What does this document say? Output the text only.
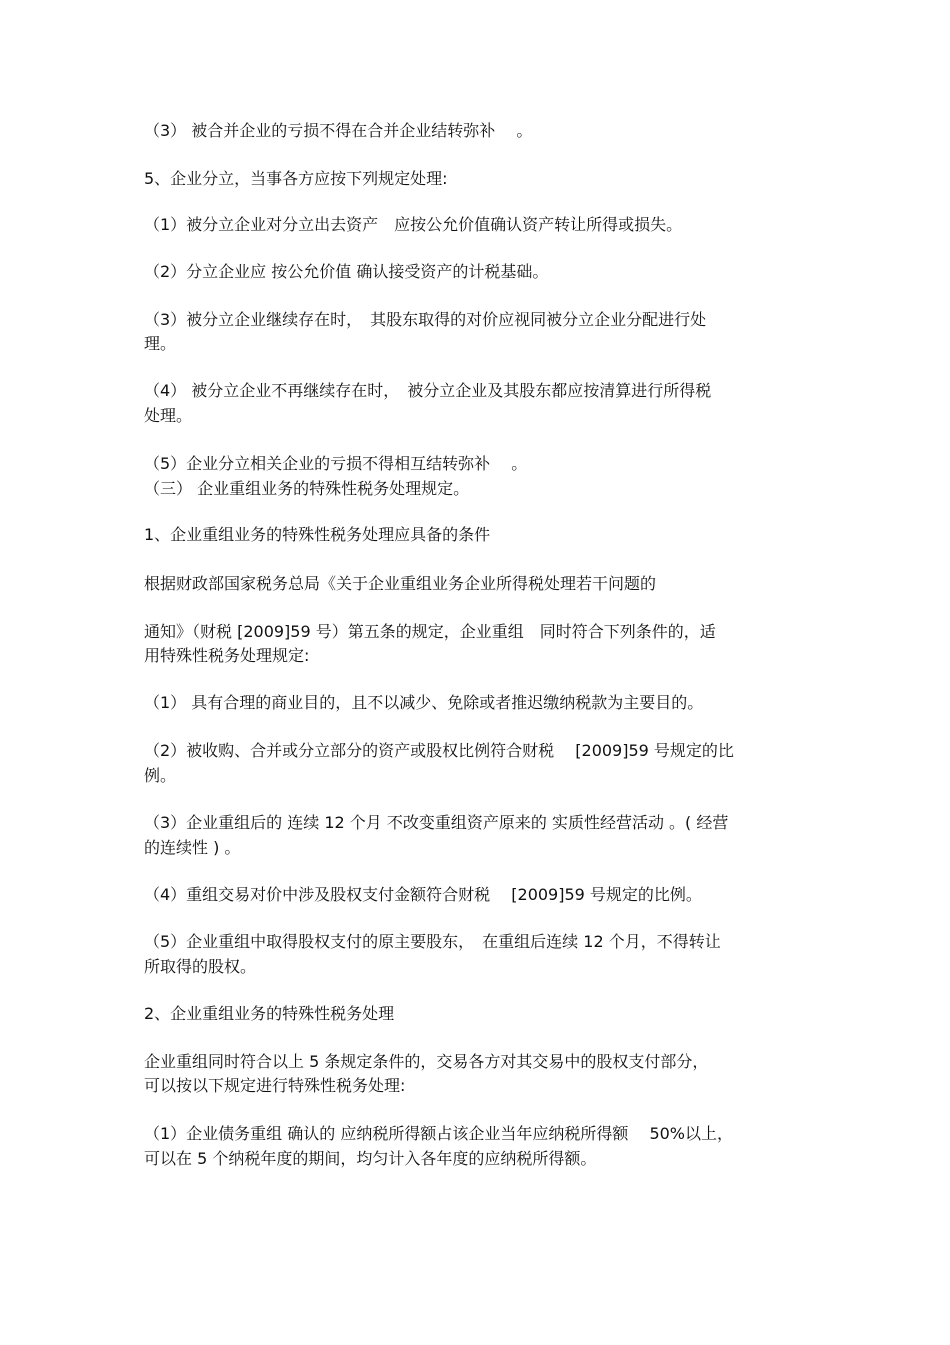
（3） 被合并企业的亏损不得在合并企业结转弥补　 。
5、企业分立，当事各方应按下列规定处理:
（1）被分立企业对分立出去资产　应按公允价值确认资产转让所得或损失。
（2）分立企业应 按公允价值 确认接受资产的计税基础。
（3）被分立企业继续存在时，　其股东取得的对价应视同被分立企业分配进行处
理。
（4） 被分立企业不再继续存在时，　被分立企业及其股东都应按清算进行所得税
处理。
（5）企业分立相关企业的亏损不得相互结转弥补　 。
（三） 企业重组业务的特殊性税务处理规定。
1、企业重组业务的特殊性税务处理应具备的条件
根据财政部国家税务总局《关于企业重组业务企业所得税处理若干问题的
通知》（财税 [2009]59 号）第五条的规定，企业重组　同时符合下列条件的，适
用特殊性税务处理规定:
（1） 具有合理的商业目的，且不以减少、免除或者推迟缴纳税款为主要目的。
（2）被收购、合并或分立部分的资产或股权比例符合财税　 [2009]59 号规定的比
例。
（3）企业重组后的 连续 12 个月 不改变重组资产原来的 实质性经营活动 。( 经营
的连续性 ) 。
（4）重组交易对价中涉及股权支付金额符合财税　 [2009]59 号规定的比例。
（5）企业重组中取得股权支付的原主要股东，　在重组后连续 12 个月，不得转让
所取得的股权。
2、企业重组业务的特殊性税务处理
企业重组同时符合以上 5 条规定条件的，交易各方对其交易中的股权支付部分，
可以按以下规定进行特殊性税务处理:
（1）企业债务重组 确认的 应纳税所得额占该企业当年应纳税所得额　 50%以上，
可以在 5 个纳税年度的期间，均匀计入各年度的应纳税所得额。
